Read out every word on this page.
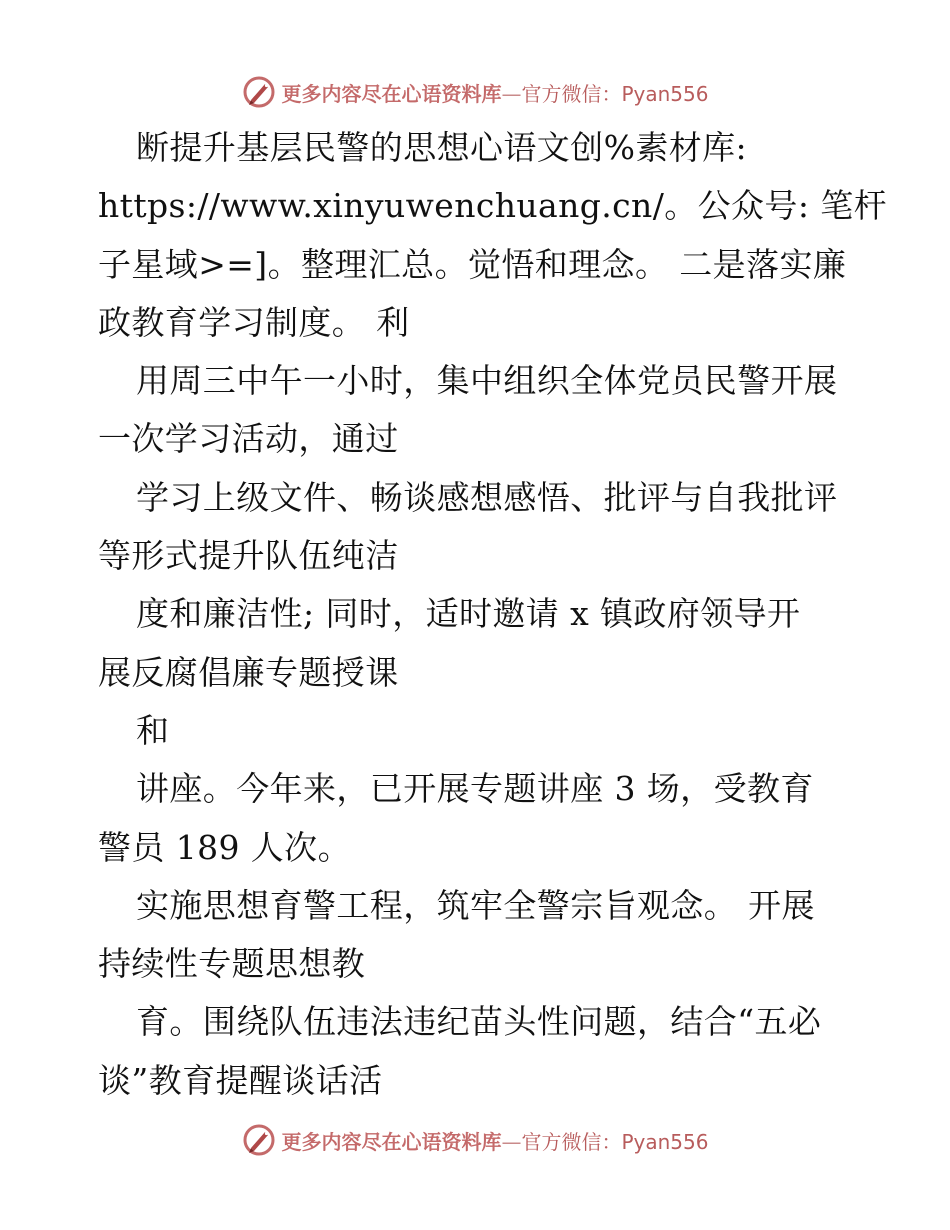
更多内容尽在心语资料库—官方微信：Pyan556
断提升基层民警的思想心语文创%素材库:
https://www.xinyuwenchuang.cn/。公众号: 笔杆
子星域>=]。整理汇总。觉悟和理念。 二是落实廉
政教育学习制度。 利
用周三中午一小时，集中组织全体党员民警开展
一次学习活动，通过
学习上级文件、畅谈感想感悟、批评与自我批评
等形式提升队伍纯洁
度和廉洁性; 同时，适时邀请 x 镇政府领导开
展反腐倡廉专题授课
和
讲座。今年来，已开展专题讲座 3 场，受教育
警员 189 人次。
实施思想育警工程，筑牢全警宗旨观念。 开展
持续性专题思想教
育。围绕队伍违法违纪苗头性问题，结合“五必
谈”教育提醒谈话活
更多内容尽在心语资料库—官方微信：Pyan556
